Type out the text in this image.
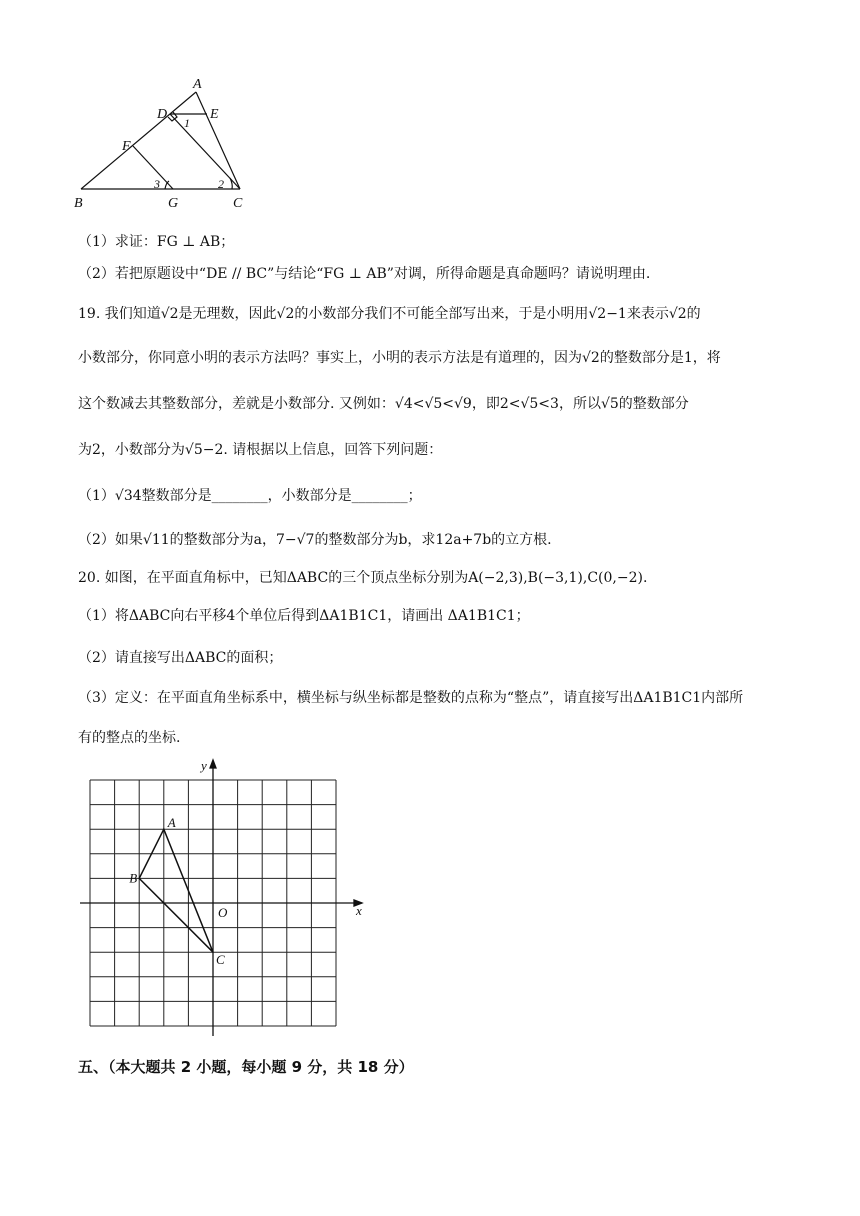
A
B	C
D	E
F
G
1
2
3
（1）求证：FG ⊥ AB；
（2）若把原题设中“DE // BC”与结论“FG ⊥ AB”对调，所得命题是真命题吗？请说明理由.
19. 我们知道√2是无理数，因此√2的小数部分我们不可能全部写出来，于是小明用√2−1来表示√2的
小数部分，你同意小明的表示方法吗？事实上，小明的表示方法是有道理的，因为√2的整数部分是1，将
这个数减去其整数部分，差就是小数部分. 又例如：√4<√5<√9，即2<√5<3，所以√5的整数部分
为2，小数部分为√5−2. 请根据以上信息，回答下列问题：
（1）√34整数部分是________，小数部分是________；
（2）如果√11的整数部分为a，7−√7的整数部分为b，求12a+7b的立方根.
20. 如图，在平面直角标中，已知ΔABC的三个顶点坐标分别为A(−2,3),B(−3,1),C(0,−2).
（1）将ΔABC向右平移4个单位后得到ΔA1B1C1，请画出 ΔA1B1C1；
（2）请直接写出ΔABC的面积；
（3）定义：在平面直角坐标系中，横坐标与纵坐标都是整数的点称为“整点”，请直接写出ΔA1B1C1内部所
有的整点的坐标.
A
B
C
O	x
y
五、（本大题共 2 小题，每小题 9 分，共 18 分）
